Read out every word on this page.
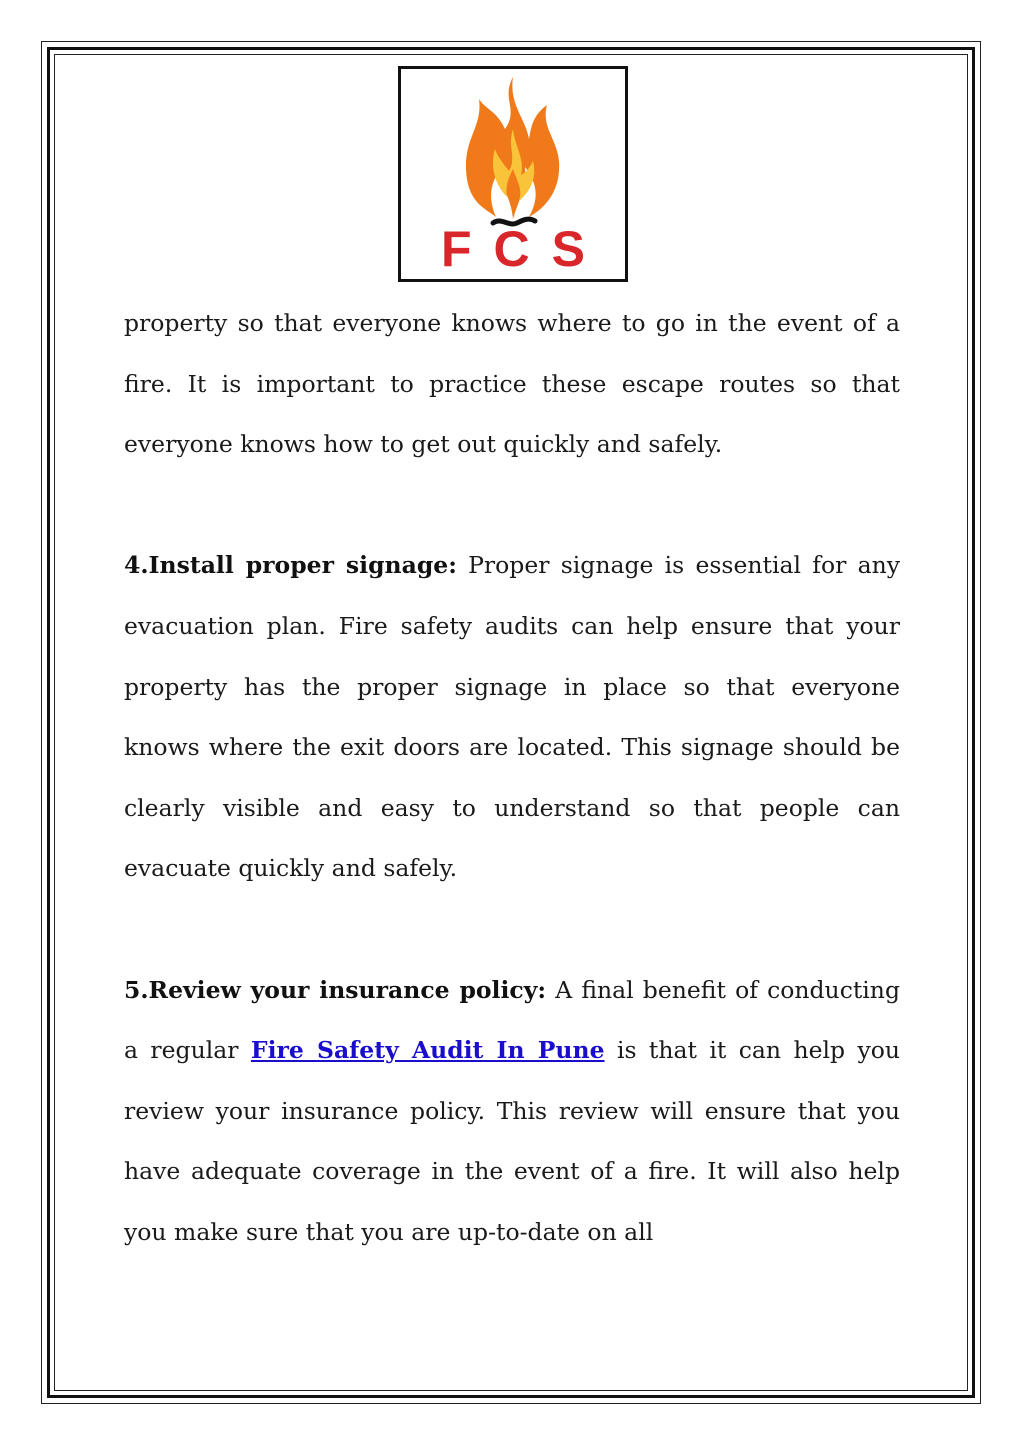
FCS

property so that everyone knows where to go in the event of a fire. It is important to practice these escape routes so that everyone knows how to get out quickly and safely.

4.Install proper signage: Proper signage is essential for any evacuation plan. Fire safety audits can help ensure that your property has the proper signage in place so that everyone knows where the exit doors are located. This signage should be clearly visible and easy to understand so that people can evacuate quickly and safely.

5.Review your insurance policy: A final benefit of conducting a regular Fire Safety Audit In Pune is that it can help you review your insurance policy. This review will ensure that you have adequate coverage in the event of a fire. It will also help you make sure that you are up-to-date on all
